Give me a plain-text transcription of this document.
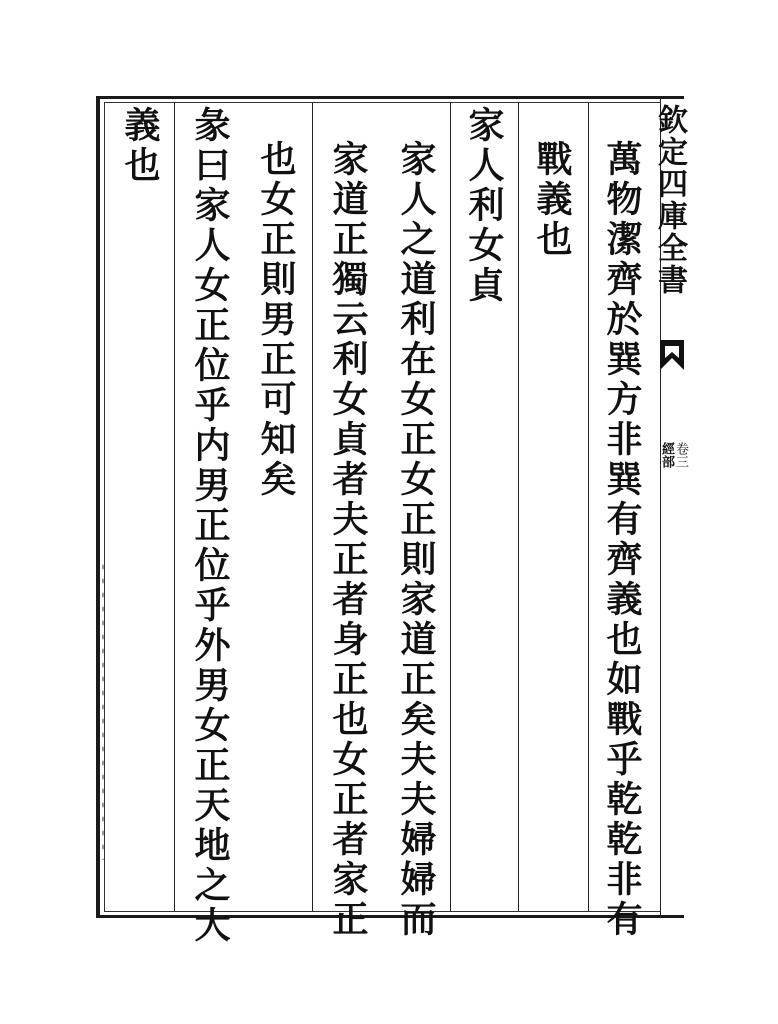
欽定四庫全書
經部 卷三
萬物潔齊於巽方非巽有齊義也如戰乎乾乾非有
戰義也
家人利女貞
家人之道利在女正女正則家道正矣夫夫婦婦而
家道正獨云利女貞者夫正者身正也女正者家正
也女正則男正可知矣
彖曰家人女正位乎内男正位乎外男女正天地之大
義也
